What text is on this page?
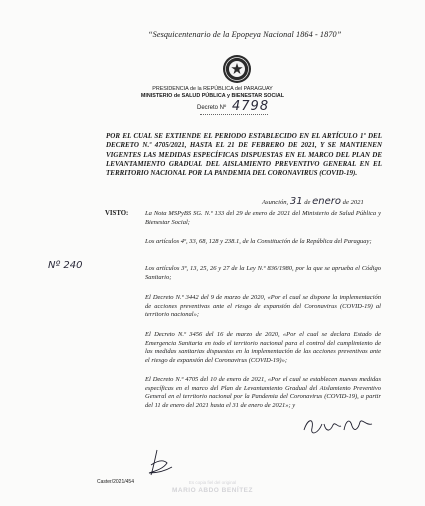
“Sesquicentenario de la Epopeya Nacional 1864 - 1870”
PRESIDENCIA de la REPÚBLICA del PARAGUAY
MINISTERIO de SALUD PÚBLICA y BIENESTAR SOCIAL
Decreto Nº 4798
POR EL CUAL SE EXTIENDE EL PERIODO ESTABLECIDO EN EL ARTÍCULO 1º DEL DECRETO N.º 4705/2021, HASTA EL 21 DE FEBRERO DE 2021, Y SE MANTIENEN VIGENTES LAS MEDIDAS ESPECÍFICAS DISPUESTAS EN EL MARCO DEL PLAN DE LEVANTAMIENTO GRADUAL DEL AISLAMIENTO PREVENTIVO GENERAL EN EL TERRITORIO NACIONAL POR LA PANDEMIA DEL CORONAVIRUS (COVID-19).
Asunción, 31 de enero de 2021
VISTO:
Nº 240
La Nota MSPyBS SG. N.º 133 del 29 de enero de 2021 del Ministerio de Salud Pública y Bienestar Social;
Los artículos 4º, 33, 68, 128 y 238.1, de la Constitución de la República del Paraguay;
Los artículos 3º, 13, 25, 26 y 27 de la Ley N.º 836/1980, por la que se aprueba el Código Sanitario;
El Decreto N.º 3442 del 9 de marzo de 2020, «Por el cual se dispone la implementación de acciones preventivas ante el riesgo de expansión del Coronavirus (COVID-19) al territorio nacional»;
El Decreto N.º 3456 del 16 de marzo de 2020, «Por el cual se declara Estado de Emergencia Sanitaria en todo el territorio nacional para el control del cumplimiento de las medidas sanitarias dispuestas en la implementación de las acciones preventivas ante el riesgo de expansión del Coronavirus (COVID-19)»;
El Decreto N.º 4705 del 10 de enero de 2021, «Por el cual se establecen nuevas medidas específicas en el marco del Plan de Levantamiento Gradual del Aislamiento Preventivo General en el territorio nacional por la Pandemia del Coronavirus (COVID-19), a partir del 11 de enero del 2021 hasta el 31 de enero de 2021»; y
Caster/2021/454	Es copia fiel del original
MARIO ABDO BENÍTEZ
